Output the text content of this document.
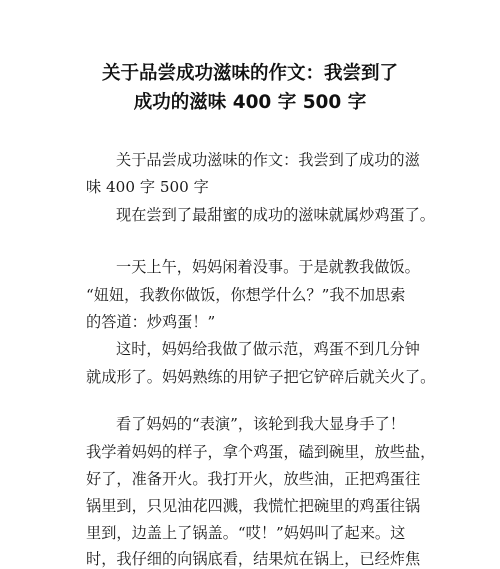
关于品尝成功滋味的作文：我尝到了
成功的滋味 400 字 500 字
关于品尝成功滋味的作文：我尝到了成功的滋
味 400 字 500 字
现在尝到了最甜蜜的成功的滋味就属炒鸡蛋了。
一天上午，妈妈闲着没事。于是就教我做饭。
“妞妞，我教你做饭，你想学什么？”我不加思索
的答道：炒鸡蛋！”
这时，妈妈给我做了做示范，鸡蛋不到几分钟
就成形了。妈妈熟练的用铲子把它铲碎后就关火了。
看了妈妈的“表演”，该轮到我大显身手了！
我学着妈妈的样子，拿个鸡蛋，磕到碗里，放些盐，
好了，准备开火。我打开火，放些油，正把鸡蛋往
锅里到，只见油花四溅，我慌忙把碗里的鸡蛋往锅
里到，边盖上了锅盖。“哎！”妈妈叫了起来。这
时，我仔细的向锅底看，结果炕在锅上，已经炸焦
